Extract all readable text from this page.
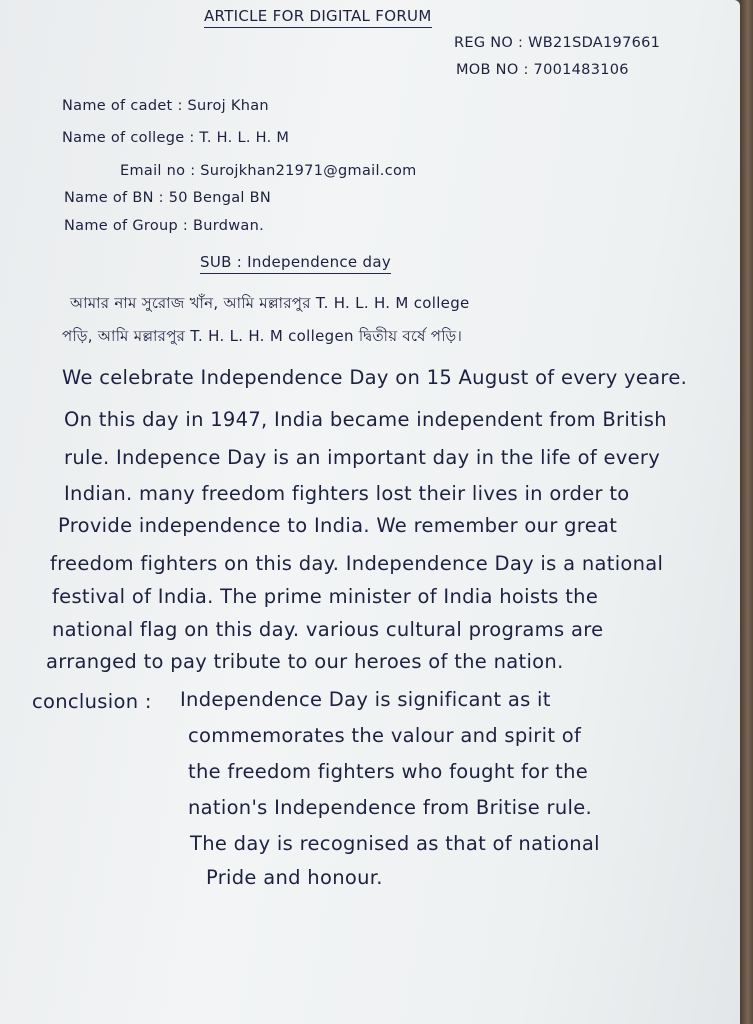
ARTICLE FOR DIGITAL FORUM
REG NO : WB21SDA197661
MOB NO : 7001483106
Name of cadet : Suroj Khan
Name of college : T. H. L. H. M
Email no : Surojkhan21971@gmail.com
Name of BN : 50 Bengal BN
Name of Group : Burdwan.
SUB : Independence day
আমার নাম সুরোজ খাঁন, আমি মল্লারপুর T. H. L. H. M college
পড়ি, আমি মল্লারপুর T. H. L. H. M collegen দ্বিতীয় বর্ষে পড়ি।
We celebrate Independence Day on 15 August of every yeare.
On this day in 1947, India became independent from British
rule. Indepence Day is an important day in the life of every
Indian. many freedom fighters lost their lives in order to
Provide independence to India. We remember our great
freedom fighters on this day. Independence Day is a national
festival of India. The prime minister of India hoists the
national flag on this day. various cultural programs are
arranged to pay tribute to our heroes of the nation.
conclusion : Independence Day is significant as it
commemorates the valour and spirit of
the freedom fighters who fought for the
nation's Independence from Britise rule.
The day is recognised as that of national
Pride and honour.
